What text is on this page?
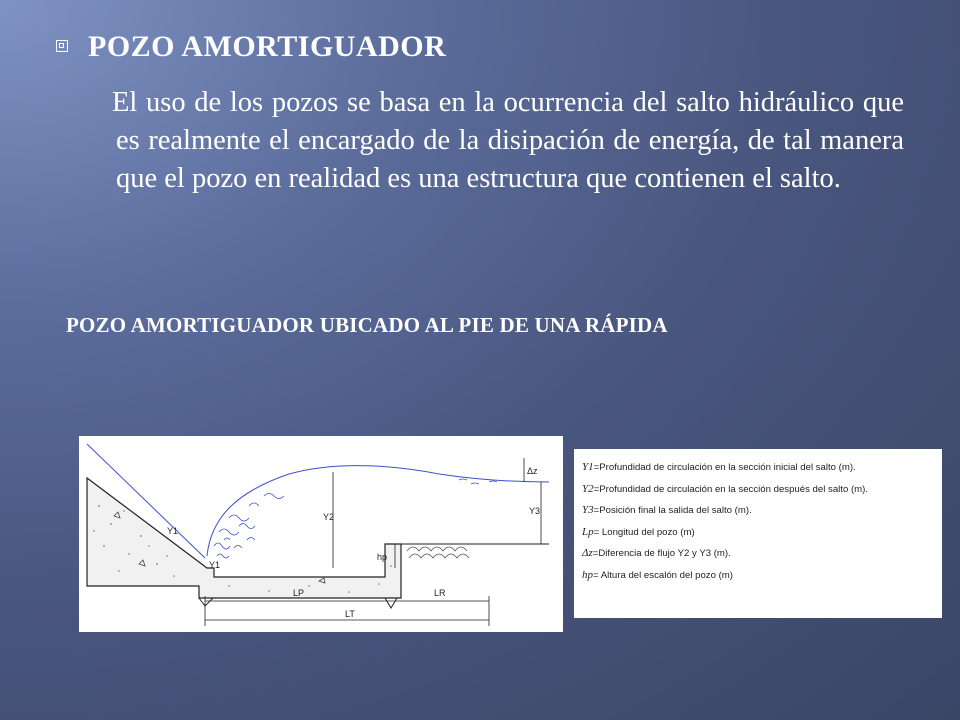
POZO AMORTIGUADOR
El uso de los pozos se basa en la ocurrencia del salto hidráulico que es realmente el encargado de la disipación de energía, de tal manera que el pozo en realidad es una estructura que contienen el salto.
POZO AMORTIGUADOR UBICADO AL PIE DE UNA RÁPIDA
Y1
Y1
Y2
Y3
hp
Δz
LP	LR
LT
Y1=Profundidad de circulación en la sección inicial del salto (m).
Y2=Profundidad de circulación en la sección después del salto (m).
Y3=Posición final la salida del salto (m).
Lp= Longitud del pozo (m)
Δz=Diferencia de flujo Y2 y Y3 (m).
hp= Altura del escalón del pozo (m)
